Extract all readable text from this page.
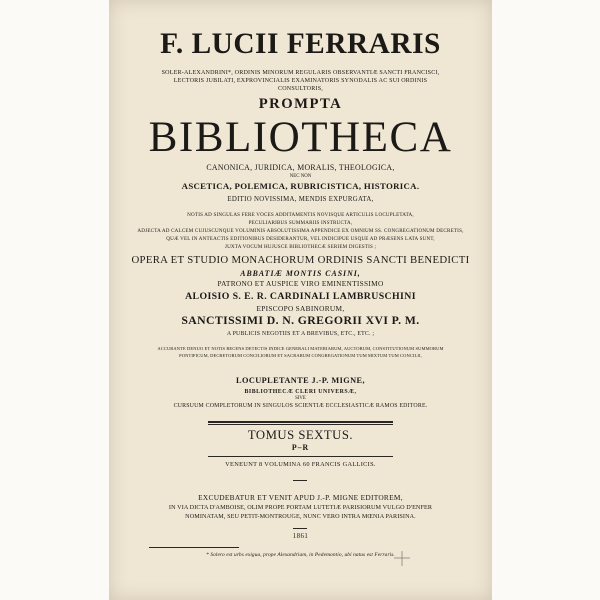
F. LUCII FERRARIS
SOLER-ALEXANDRINI*, ORDINIS MINORUM REGULARIS OBSERVANTIÆ SANCTI FRANCISCI,
LECTORIS JUBILATI, EXPROVINCIALIS EXAMINATORIS SYNODALIS AC SUI ORDINIS
CONSULTORIS,
PROMPTA
BIBLIOTHECA
CANONICA, JURIDICA, MORALIS, THEOLOGICA,
NEC NON
ASCETICA, POLEMICA, RUBRICISTICA, HISTORICA.
EDITIO NOVISSIMA, MENDIS EXPURGATA,
NOTIS AD SINGULAS FERE VOCES ADDITAMENTIS NOVISQUE ARTICULIS LOCUPLETATA,
PECULIARIBUS SUMMARIIS INSTRUCTA,
ADJECTA AD CALCEM CUJUSCUNQUE VOLUMINIS ABSOLUTISSIMA APPENDICE EX OMNIUM SS. CONGREGATIONUM DECRETIS,
QUÆ VEL IN ANTEACTIS EDITIONIBUS DESIDERANTUR, VEL INDICIPUE USQUE AD PRÆSENS LATA SUNT,
JUXTA VOCUM HUJUSCE BIBLIOTHECÆ SERIEM DIGESTIS ;
OPERA ET STUDIO MONACHORUM ORDINIS SANCTI BENEDICTI
ABBATIÆ MONTIS CASINI,
PATRONO ET AUSPICE VIRO EMINENTISSIMO
ALOISIO S. E. R. CARDINALI LAMBRUSCHINI
EPISCOPO SABINORUM,
SANCTISSIMI D. N. GREGORII XVI P. M.
A PUBLICIS NEGOTIIS ET A BREVIBUS, ETC., ETC. ;
ACCURANTE DENUO ET NOTIS RECENS DETECTIS INDICE GENERALI MATERIARUM, AUCTORUM, CONSTITUTIONUM SUMMORUM
PONTIFICUM, DECRETORUM CONCILIORUM ET SACRARUM CONGREGATIONUM TUM MIXTUM TUM CONCILII,
LOCUPLETANTE J.-P. MIGNE,
BIBLIOTHECÆ CLERI UNIVERSÆ,
SIVE
CURSUUM COMPLETORUM IN SINGULOS SCIENTIÆ ECCLESIASTICÆ RAMOS EDITORE.
TOMUS SEXTUS.
P–R
VENEUNT 8 VOLUMINA 60 FRANCIS GALLICIS.
EXCUDEBATUR ET VENIT APUD J.-P. MIGNE EDITOREM,
IN VIA DICTA D'AMBOISE, OLIM PROPE PORTAM LUTETIÆ PARISIORUM VULGO D'ENFER
NOMINATAM, SEU PETIT-MONTROUGE, NUNC VERO INTRA MŒNIA PARISINA.
1861
* Solero est urbs exigua, prope Alexandriam, in Pedemontio, ubi natus est Ferraris.
